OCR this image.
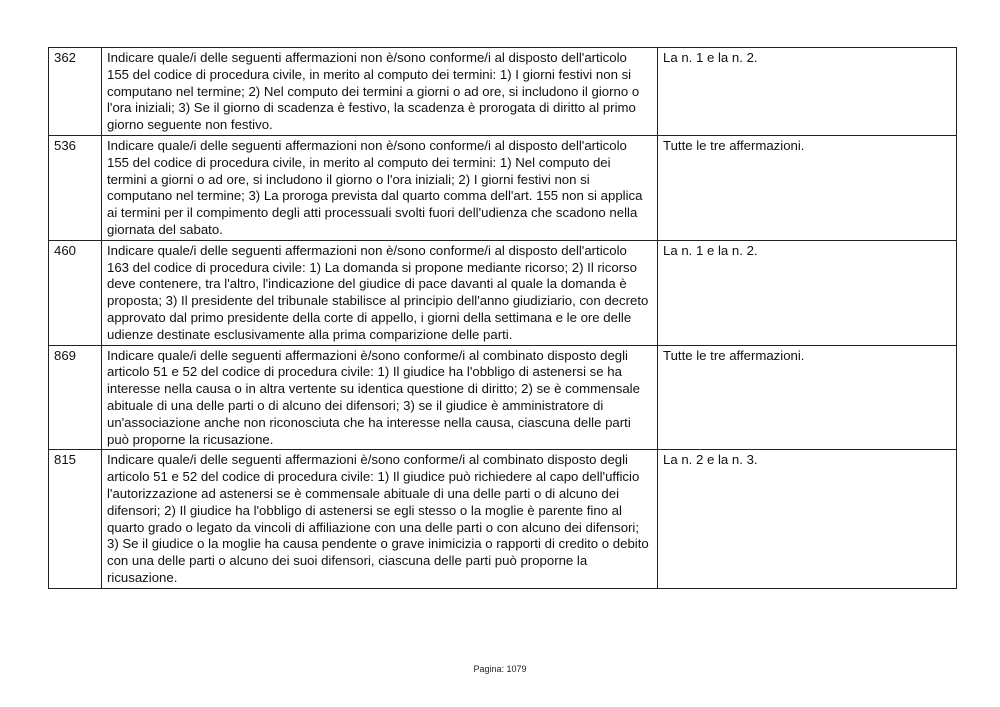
362	Indicare quale/i delle seguenti affermazioni non è/sono conforme/i al disposto dell'articolo 155 del codice di procedura civile, in merito al computo dei termini: 1) I giorni festivi non si computano nel termine; 2) Nel computo dei termini a giorni o ad ore, si includono il giorno o l'ora iniziali; 3) Se il giorno di scadenza è festivo, la scadenza è prorogata di diritto al primo giorno seguente non festivo.	La n. 1 e la n. 2.
536	Indicare quale/i delle seguenti affermazioni non è/sono conforme/i al disposto dell'articolo 155 del codice di procedura civile, in merito al computo dei termini: 1) Nel computo dei termini a giorni o ad ore, si includono il giorno o l'ora iniziali; 2) I giorni festivi non si computano nel termine; 3) La proroga prevista dal quarto comma dell'art. 155 non si applica ai termini per il compimento degli atti processuali svolti fuori dell'udienza che scadono nella giornata del sabato.	Tutte le tre affermazioni.
460	Indicare quale/i delle seguenti affermazioni non è/sono conforme/i al disposto dell'articolo 163 del codice di procedura civile: 1) La domanda si propone mediante ricorso; 2) Il ricorso deve contenere, tra l'altro, l'indicazione del giudice di pace davanti al quale la domanda è proposta; 3) Il presidente del tribunale stabilisce al principio dell'anno giudiziario, con decreto approvato dal primo presidente della corte di appello, i giorni della settimana e le ore delle udienze destinate esclusivamente alla prima comparizione delle parti.	La n. 1 e la n. 2.
869	Indicare quale/i delle seguenti affermazioni è/sono conforme/i al combinato disposto degli articolo 51 e 52 del codice di procedura civile: 1) Il giudice ha l'obbligo di astenersi se ha interesse nella causa o in altra vertente su identica questione di diritto; 2) se è commensale abituale di una delle parti o di alcuno dei difensori; 3) se il giudice è amministratore di un'associazione anche non riconosciuta che ha interesse nella causa, ciascuna delle parti può proporne la ricusazione.	Tutte le tre affermazioni.
815	Indicare quale/i delle seguenti affermazioni è/sono conforme/i al combinato disposto degli articolo 51 e 52 del codice di procedura civile: 1) Il giudice può richiedere al capo dell'ufficio l'autorizzazione ad astenersi se è commensale abituale di una delle parti o di alcuno dei difensori; 2) Il giudice ha l'obbligo di astenersi se egli stesso o la moglie è parente fino al quarto grado o legato da vincoli di affiliazione con una delle parti o con alcuno dei difensori; 3) Se il giudice o la moglie ha causa pendente o grave inimicizia o rapporti di credito o debito con una delle parti o alcuno dei suoi difensori, ciascuna delle parti può proporne la ricusazione.	La n. 2 e la n. 3.
Pagina: 1079
